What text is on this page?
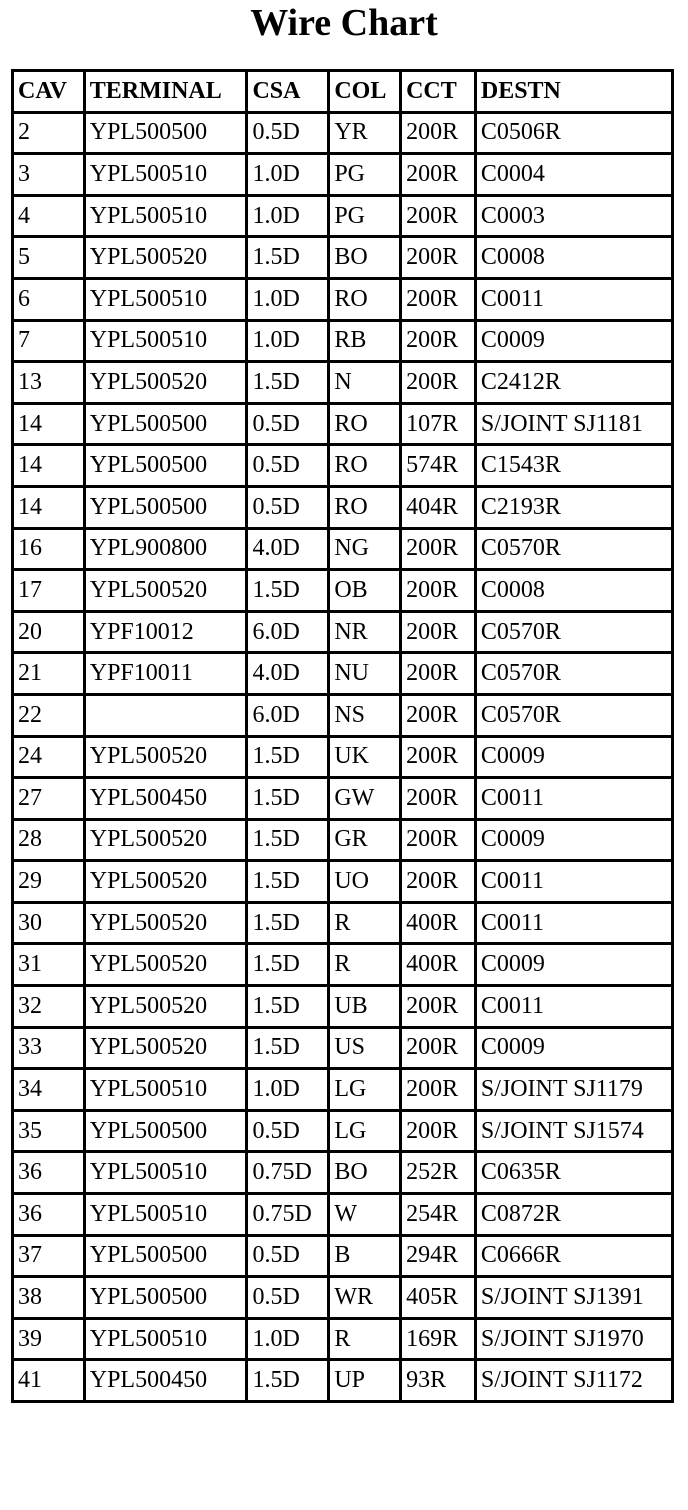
Wire Chart
CAV	TERMINAL	CSA	COL	CCT	DESTN
2	YPL500500	0.5D	YR	200R	C0506R
3	YPL500510	1.0D	PG	200R	C0004
4	YPL500510	1.0D	PG	200R	C0003
5	YPL500520	1.5D	BO	200R	C0008
6	YPL500510	1.0D	RO	200R	C0011
7	YPL500510	1.0D	RB	200R	C0009
13	YPL500520	1.5D	N	200R	C2412R
14	YPL500500	0.5D	RO	107R	S/JOINT SJ1181
14	YPL500500	0.5D	RO	574R	C1543R
14	YPL500500	0.5D	RO	404R	C2193R
16	YPL900800	4.0D	NG	200R	C0570R
17	YPL500520	1.5D	OB	200R	C0008
20	YPF10012	6.0D	NR	200R	C0570R
21	YPF10011	4.0D	NU	200R	C0570R
22		6.0D	NS	200R	C0570R
24	YPL500520	1.5D	UK	200R	C0009
27	YPL500450	1.5D	GW	200R	C0011
28	YPL500520	1.5D	GR	200R	C0009
29	YPL500520	1.5D	UO	200R	C0011
30	YPL500520	1.5D	R	400R	C0011
31	YPL500520	1.5D	R	400R	C0009
32	YPL500520	1.5D	UB	200R	C0011
33	YPL500520	1.5D	US	200R	C0009
34	YPL500510	1.0D	LG	200R	S/JOINT SJ1179
35	YPL500500	0.5D	LG	200R	S/JOINT SJ1574
36	YPL500510	0.75D	BO	252R	C0635R
36	YPL500510	0.75D	W	254R	C0872R
37	YPL500500	0.5D	B	294R	C0666R
38	YPL500500	0.5D	WR	405R	S/JOINT SJ1391
39	YPL500510	1.0D	R	169R	S/JOINT SJ1970
41	YPL500450	1.5D	UP	93R	S/JOINT SJ1172
